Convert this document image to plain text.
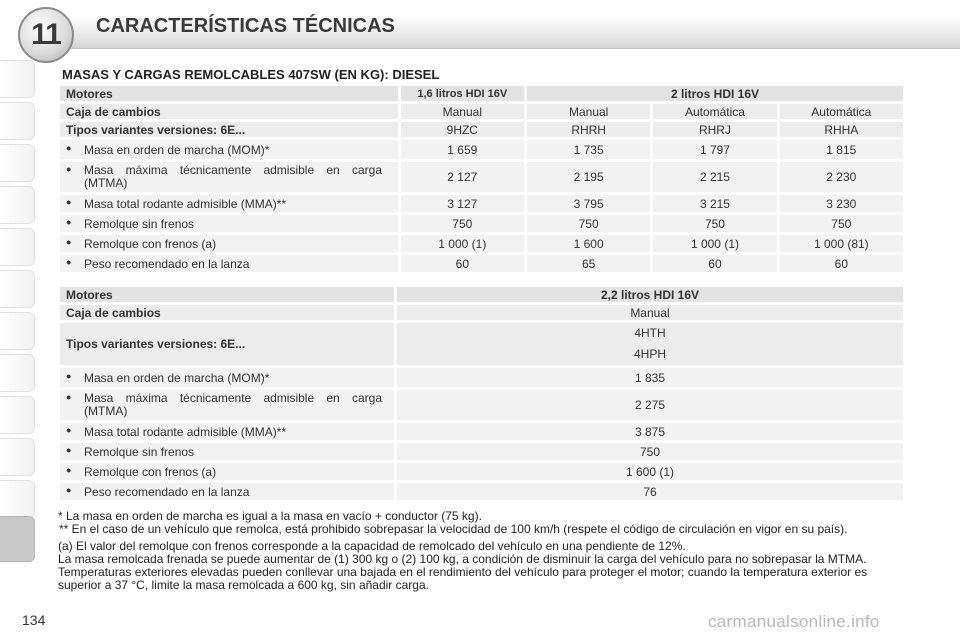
11	CARACTERÍSTICAS TÉCNICAS
MASAS Y CARGAS REMOLCABLES 407SW (EN KG): DIESEL
Motores	1,6 litros HDI 16V	2 litros HDI 16V		
Caja de cambios	Manual	Manual	Automática	Automática
Tipos variantes versiones: 6E...	9HZC	RHRH	RHRJ	RHHA
● Masa en orden de marcha (MOM)*	1 659	1 735	1 797	1 815
● Masa máxima técnicamente admisible en carga (MTMA)	2 127	2 195	2 215	2 230
● Masa total rodante admisible (MMA)**	3 127	3 795	3 215	3 230
● Remolque sin frenos	750	750	750	750
● Remolque con frenos (a)	1 000 (1)	1 600	1 000 (1)	1 000 (81)
● Peso recomendado en la lanza	60	65	60	60
Motores	2,2 litros HDI 16V
Caja de cambios	Manual
Tipos variantes versiones: 6E...	4HTH
4HPH

● Masa en orden de marcha (MOM)*	1 835
● Masa máxima técnicamente admisible en carga (MTMA)	2 275
● Masa total rodante admisible (MMA)**	3 875
● Remolque sin frenos	750
● Remolque con frenos (a)	1 600 (1)
● Peso recomendado en la lanza	76

* La masa en orden de marcha es igual a la masa en vacío + conductor (75 kg).

** En el caso de un vehículo que remolca, está prohibido sobrepasar la velocidad de 100 km/h (respete el código de circulación en vigor en su país).

(a) El valor del remolque con frenos corresponde a la capacidad de remolcado del vehículo en una pendiente de 12%.

La masa remolcada frenada se puede aumentar de (1) 300 kg o (2) 100 kg, a condición de disminuir la carga del vehículo para no sobrepasar la MTMA.

Temperaturas exteriores elevadas pueden conllevar una bajada en el rendimiento del vehículo para proteger el motor; cuando la temperatura exterior es superior a 37 °C, limite la masa remolcada a 600 kg, sin añadir carga.

134	carmanualsonline.info
